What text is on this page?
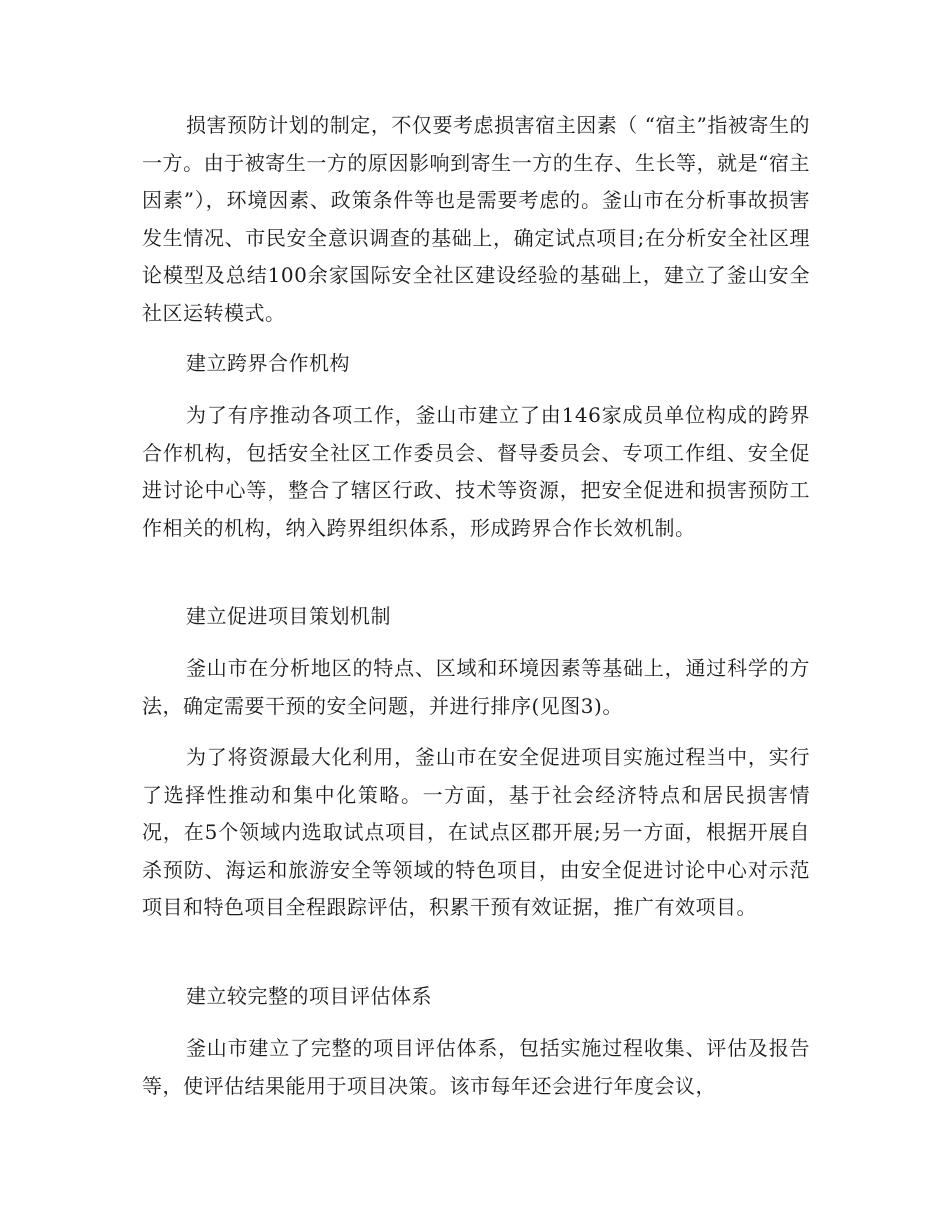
损害预防计划的制定，不仅要考虑损害宿主因素（ “宿主”指被寄生的一方。由于被寄生一方的原因影响到寄生一方的生存、生长等，就是“宿主因素”），环境因素、政策条件等也是需要考虑的。釜山市在分析事故损害发生情况、市民安全意识调查的基础上，确定试点项目;在分析安全社区理论模型及总结100余家国际安全社区建设经验的基础上，建立了釜山安全社区运转模式。

建立跨界合作机构

为了有序推动各项工作，釜山市建立了由146家成员单位构成的跨界合作机构，包括安全社区工作委员会、督导委员会、专项工作组、安全促进讨论中心等，整合了辖区行政、技术等资源，把安全促进和损害预防工作相关的机构，纳入跨界组织体系，形成跨界合作长效机制。

建立促进项目策划机制

釜山市在分析地区的特点、区域和环境因素等基础上，通过科学的方法，确定需要干预的安全问题，并进行排序(见图3)。

为了将资源最大化利用，釜山市在安全促进项目实施过程当中，实行了选择性推动和集中化策略。一方面，基于社会经济特点和居民损害情况，在5个领域内选取试点项目，在试点区郡开展;另一方面，根据开展自杀预防、海运和旅游安全等领域的特色项目，由安全促进讨论中心对示范项目和特色项目全程跟踪评估，积累干预有效证据，推广有效项目。

建立较完整的项目评估体系

釜山市建立了完整的项目评估体系，包括实施过程收集、评估及报告等，使评估结果能用于项目决策。该市每年还会进行年度会议，
